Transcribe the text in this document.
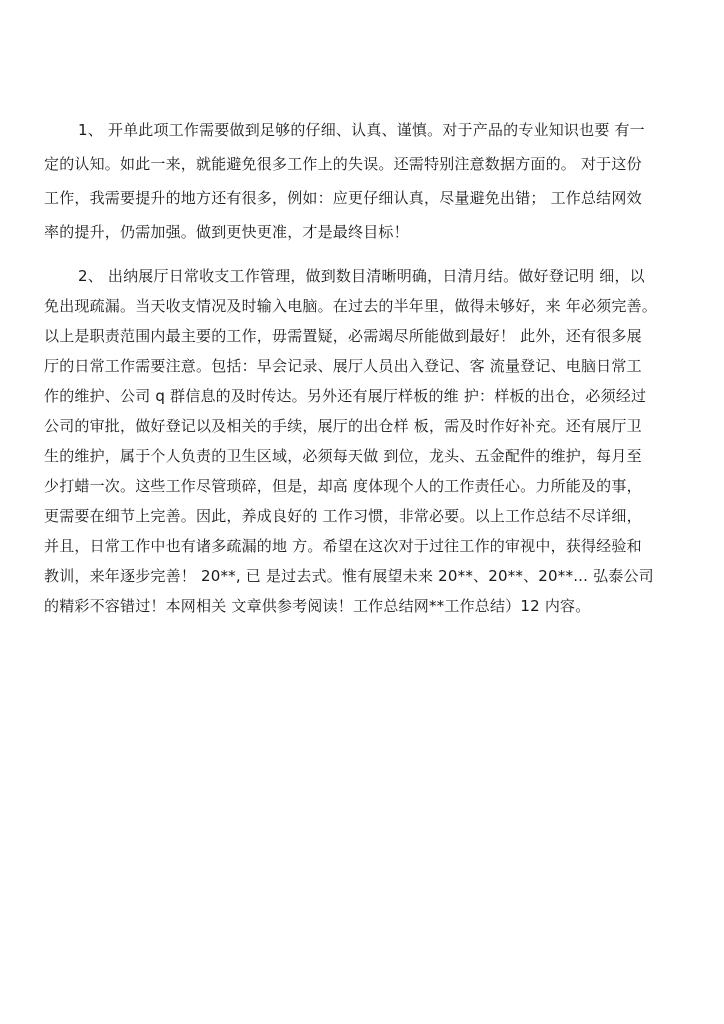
1、 开单此项工作需要做到足够的仔细、认真、谨慎。对于产品的专业知识也要 有一
定的认知。如此一来，就能避免很多工作上的失误。还需特别注意数据方面的。 对于这份
工作，我需要提升的地方还有很多，例如：应更仔细认真，尽量避免出错； 工作总结网效
率的提升，仍需加强。做到更快更准，才是最终目标！
2、 出纳展厅日常收支工作管理，做到数目清晰明确，日清月结。做好登记明 细，以
免出现疏漏。当天收支情况及时输入电脑。在过去的半年里，做得未够好，来 年必须完善。
以上是职责范围内最主要的工作，毋需置疑，必需竭尽所能做到最好！ 此外，还有很多展
厅的日常工作需要注意。包括：早会记录、展厅人员出入登记、客 流量登记、电脑日常工
作的维护、公司 q 群信息的及时传达。另外还有展厅样板的维 护：样板的出仓，必须经过
公司的审批，做好登记以及相关的手续，展厅的出仓样 板，需及时作好补充。还有展厅卫
生的维护，属于个人负责的卫生区域，必须每天做 到位，龙头、五金配件的维护，每月至
少打蜡一次。这些工作尽管琐碎，但是，却高 度体现个人的工作责任心。力所能及的事，
更需要在细节上完善。因此，养成良好的 工作习惯，非常必要。以上工作总结不尽详细，
并且，日常工作中也有诸多疏漏的地 方。希望在这次对于过往工作的审视中，获得经验和
教训，来年逐步完善！ 20**, 已 是过去式。惟有展望未来 20**、20**、20**... 弘泰公司
的精彩不容错过！本网相关 文章供参考阅读！工作总结网**工作总结）12 内容。
